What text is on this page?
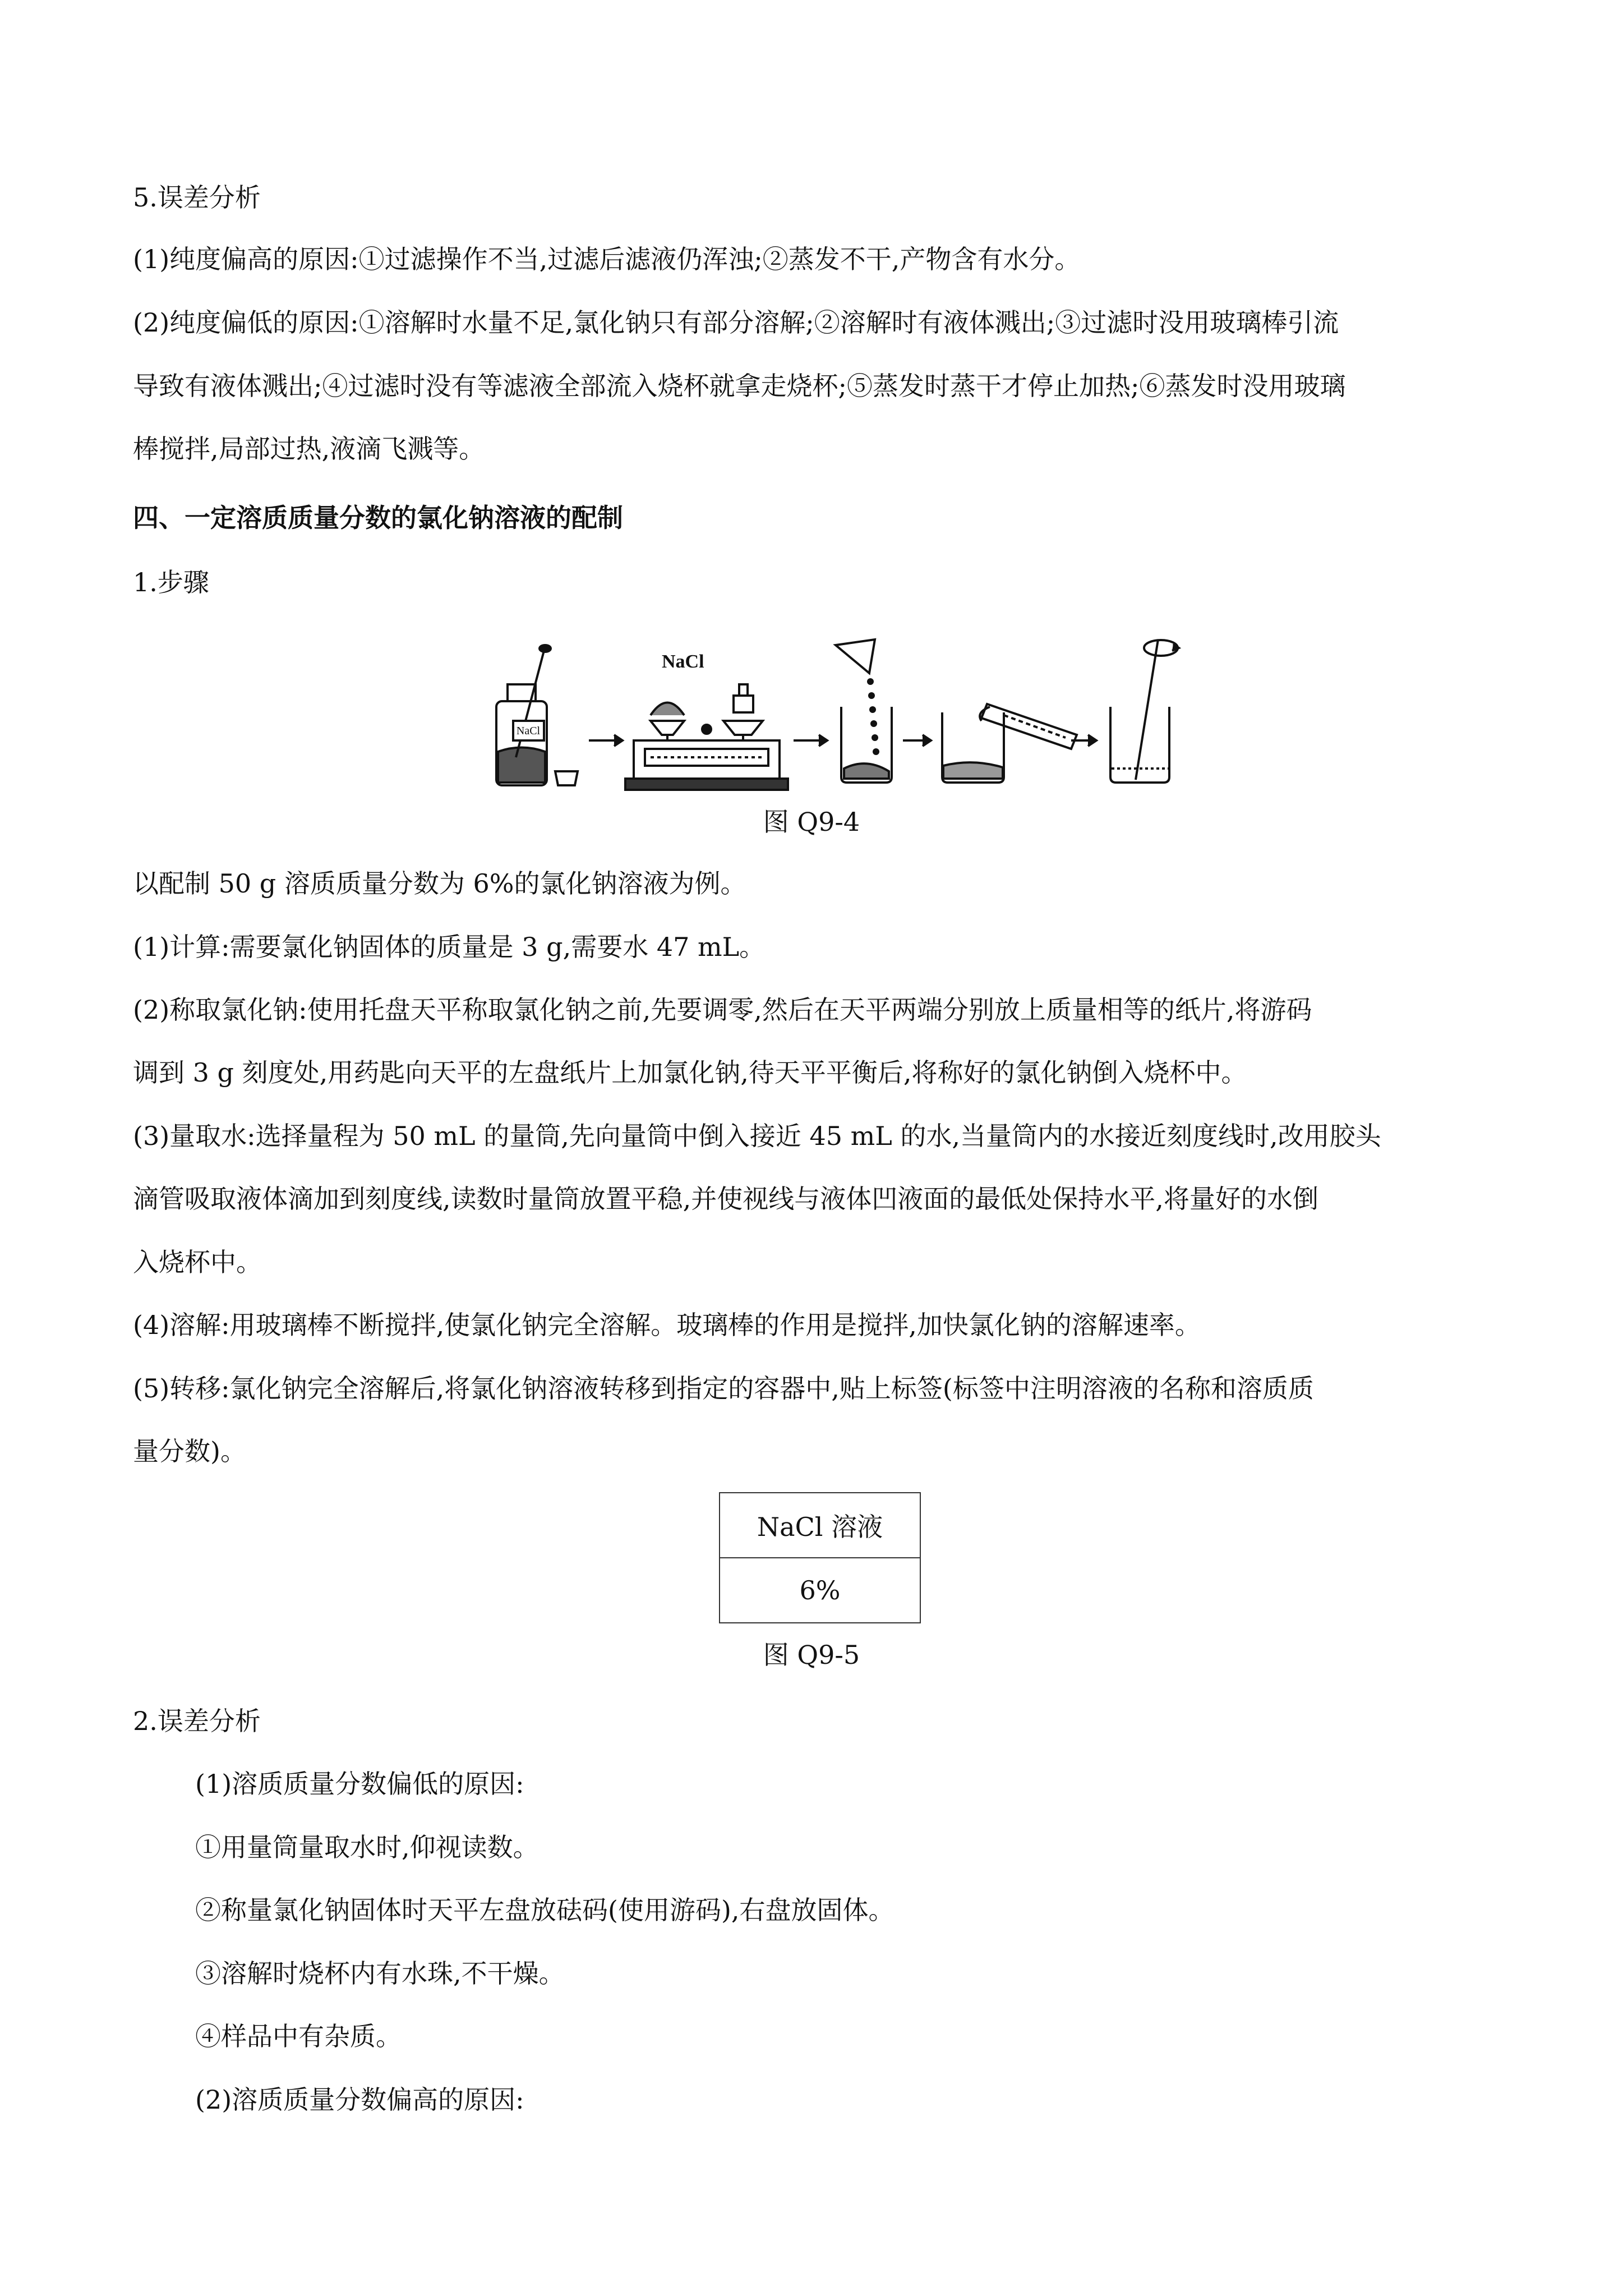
5.误差分析

(1)纯度偏高的原因:①过滤操作不当,过滤后滤液仍浑浊;②蒸发不干,产物含有水分。

(2)纯度偏低的原因:①溶解时水量不足,氯化钠只有部分溶解;②溶解时有液体溅出;③过滤时没用玻璃棒引流

导致有液体溅出;④过滤时没有等滤液全部流入烧杯就拿走烧杯;⑤蒸发时蒸干才停止加热;⑥蒸发时没用玻璃

棒搅拌,局部过热,液滴飞溅等。

四、一定溶质质量分数的氯化钠溶液的配制

1.步骤

NaCl
NaCl

图 Q9-4

以配制 50 g 溶质质量分数为 6%的氯化钠溶液为例。

(1)计算:需要氯化钠固体的质量是 3 g,需要水 47 mL。

(2)称取氯化钠:使用托盘天平称取氯化钠之前,先要调零,然后在天平两端分别放上质量相等的纸片,将游码

调到 3 g 刻度处,用药匙向天平的左盘纸片上加氯化钠,待天平平衡后,将称好的氯化钠倒入烧杯中。

(3)量取水:选择量程为 50 mL 的量筒,先向量筒中倒入接近 45 mL 的水,当量筒内的水接近刻度线时,改用胶头

滴管吸取液体滴加到刻度线,读数时量筒放置平稳,并使视线与液体凹液面的最低处保持水平,将量好的水倒

入烧杯中。

(4)溶解:用玻璃棒不断搅拌,使氯化钠完全溶解。玻璃棒的作用是搅拌,加快氯化钠的溶解速率。

(5)转移:氯化钠完全溶解后,将氯化钠溶液转移到指定的容器中,贴上标签(标签中注明溶液的名称和溶质质

量分数)。

NaCl 溶液
6%

图 Q9-5

2.误差分析

(1)溶质质量分数偏低的原因:

①用量筒量取水时,仰视读数。

②称量氯化钠固体时天平左盘放砝码(使用游码),右盘放固体。

③溶解时烧杯内有水珠,不干燥。

④样品中有杂质。

(2)溶质质量分数偏高的原因:
